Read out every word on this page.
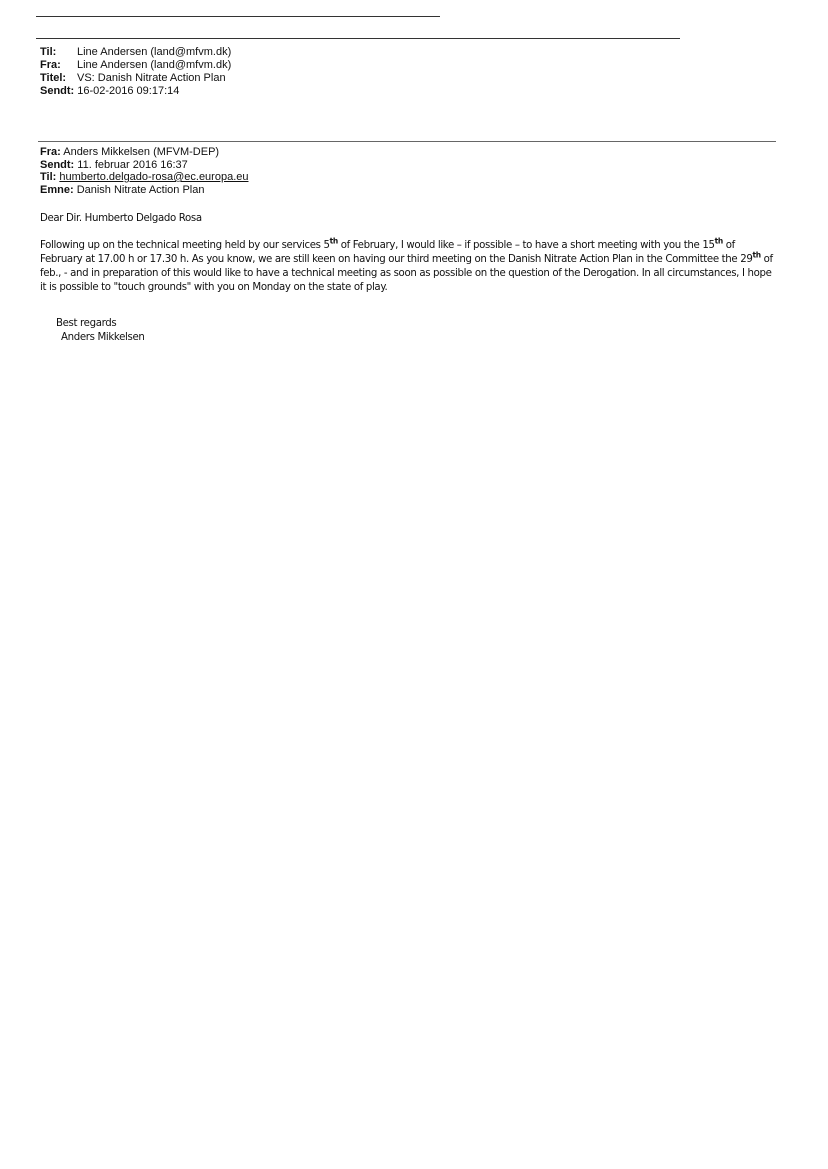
Til:	Line Andersen (land@mfvm.dk)
Fra:	Line Andersen (land@mfvm.dk)
Titel: VS: Danish Nitrate Action Plan
Sendt: 16-02-2016 09:17:14
Fra: Anders Mikkelsen (MFVM-DEP)
Sendt: 11. februar 2016 16:37
Til: humberto.delgado-rosa@ec.europa.eu
Emne: Danish Nitrate Action Plan

Dear Dir. Humberto Delgado Rosa

Following up on the technical meeting held by our services 5th of February, I would like – if possible – to have a short meeting with you the 15th of February at 17.00 h or 17.30 h. As you know, we are still keen on having our third meeting on the Danish Nitrate Action Plan in the Committee the 29th of feb., - and in preparation of this would like to have a technical meeting as soon as possible on the question of the Derogation. In all circumstances, I hope it is possible to "touch grounds" with you on Monday on the state of play.

Best regards
Anders Mikkelsen
